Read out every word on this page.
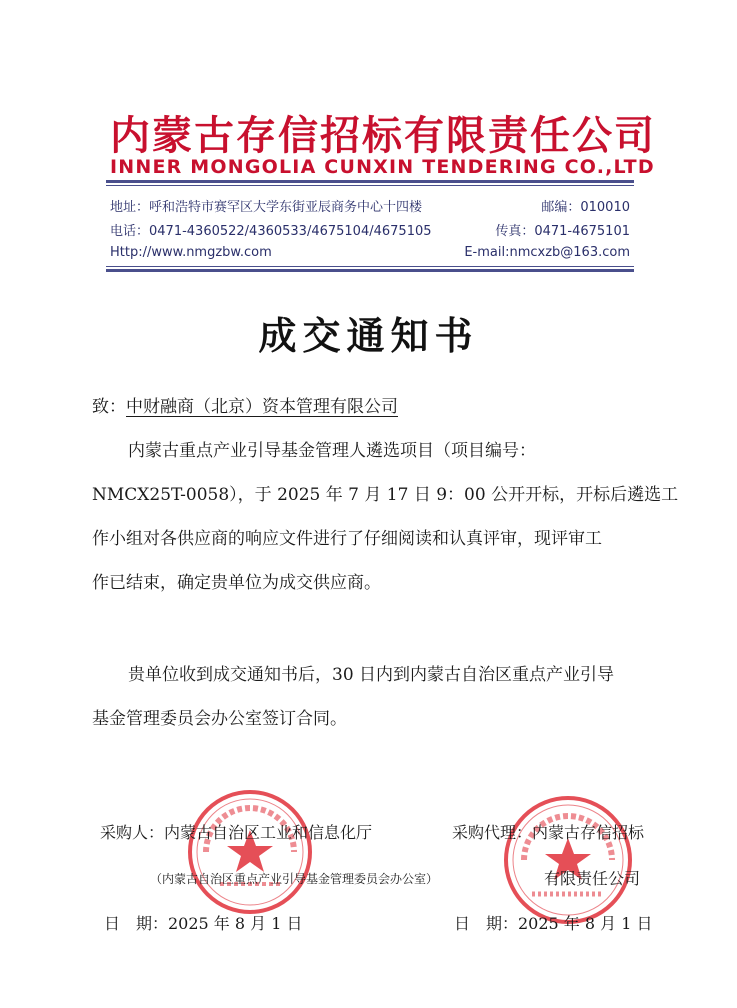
内蒙古存信招标有限责任公司
INNER MONGOLIA CUNXIN TENDERING CO.,LTD
地址：呼和浩特市赛罕区大学东街亚辰商务中心十四楼	邮编：010010
电话：0471-4360522/4360533/4675104/4675105	传真：0471-4675101
Http://www.nmgzbw.com	E-mail:nmcxzb@163.com
成交通知书
致：中财融商（北京）资本管理有限公司
内蒙古重点产业引导基金管理人遴选项目（项目编号：
NMCX25T-0058），于 2025 年 7 月 17 日 9：00 公开开标，开标后遴选工
作小组对各供应商的响应文件进行了仔细阅读和认真评审，现评审工
作已结束，确定贵单位为成交供应商。
贵单位收到成交通知书后，30 日内到内蒙古自治区重点产业引导
基金管理委员会办公室签订合同。
采购人：内蒙古自治区工业和信息化厅
（内蒙古自治区重点产业引导基金管理委员会办公室）
采购代理：内蒙古存信招标
有限责任公司
日　期：2025 年 8 月 1 日	日　期：2025 年 8 月 1 日
